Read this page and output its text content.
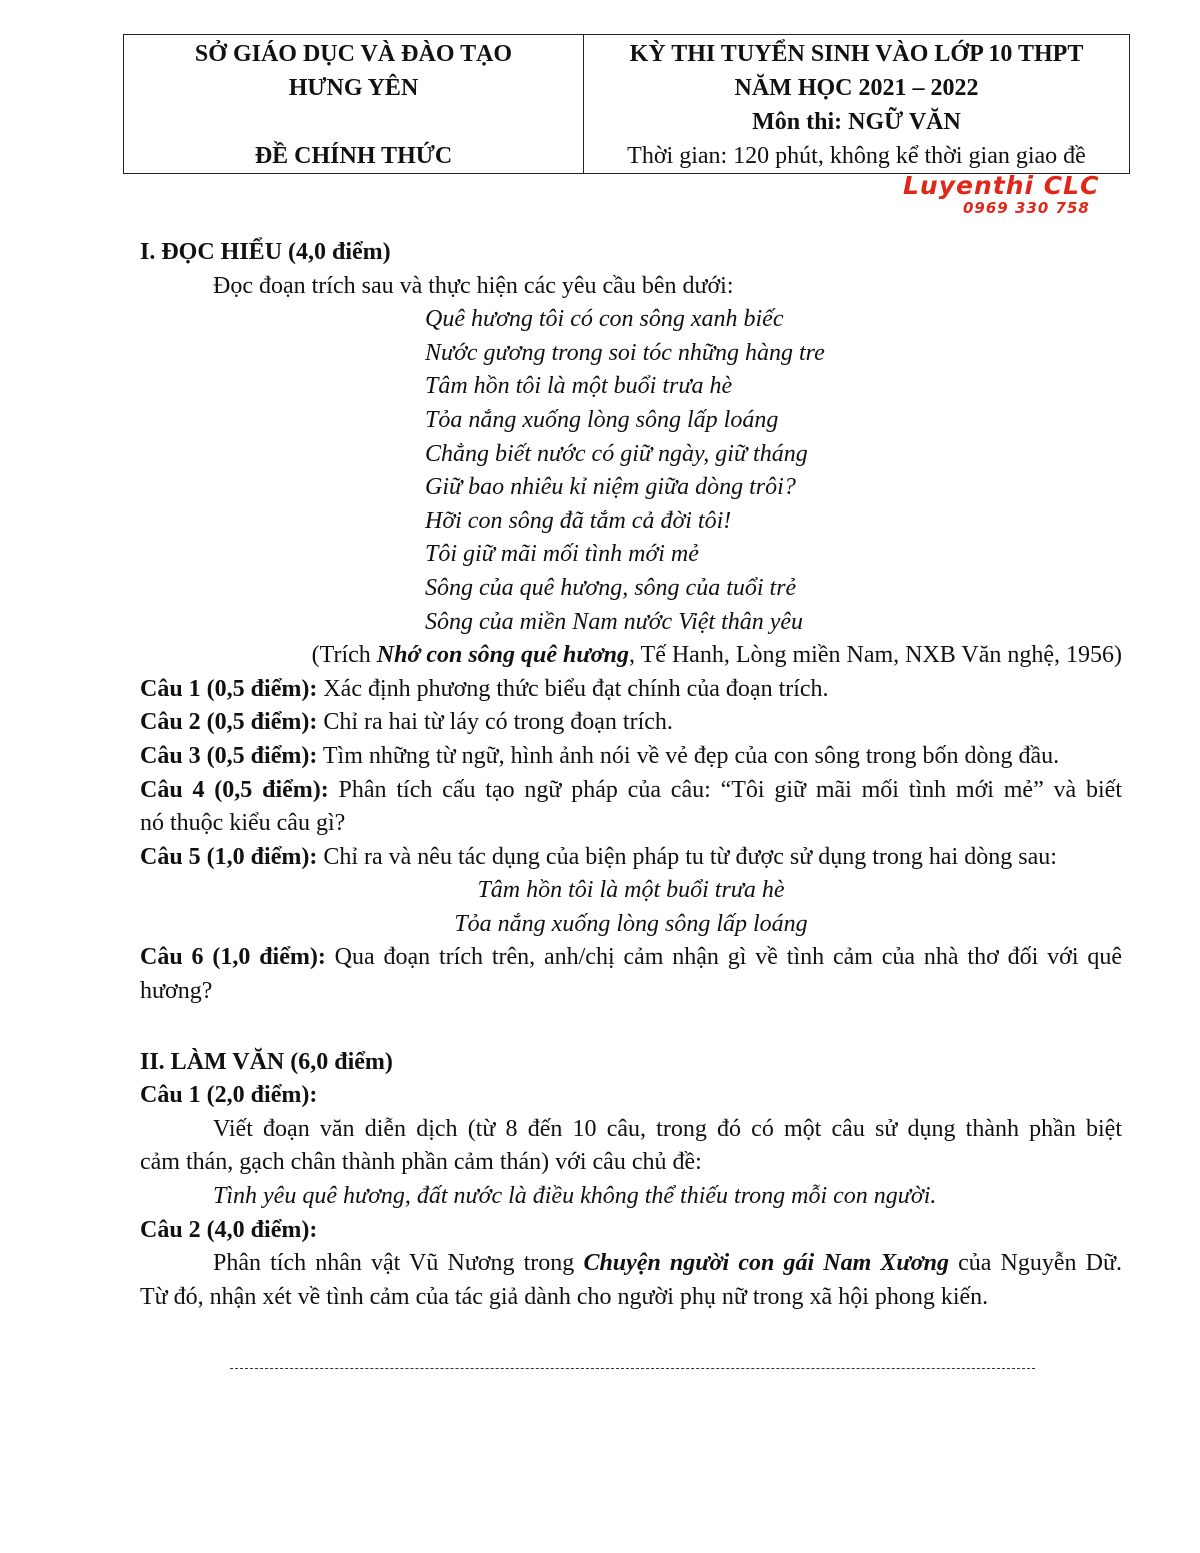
SỞ GIÁO DỤC VÀ ĐÀO TẠO
HƯNG YÊN
ĐỀ CHÍNH THỨC

KỲ THI TUYỂN SINH VÀO LỚP 10 THPT
NĂM HỌC 2021 – 2022
Môn thi: NGỮ VĂN
Thời gian: 120 phút, không kể thời gian giao đề
Luyenthi CLC
0969 330 758
I. ĐỌC HIỂU (4,0 điểm)
Đọc đoạn trích sau và thực hiện các yêu cầu bên dưới:
Quê hương tôi có con sông xanh biếc
Nước gương trong soi tóc những hàng tre
Tâm hồn tôi là một buổi trưa hè
Tỏa nắng xuống lòng sông lấp loáng
Chẳng biết nước có giữ ngày, giữ tháng
Giữ bao nhiêu kỉ niệm giữa dòng trôi?
Hỡi con sông đã tắm cả đời tôi!
Tôi giữ mãi mối tình mới mẻ
Sông của quê hương, sông của tuổi trẻ
Sông của miền Nam nước Việt thân yêu
(Trích Nhớ con sông quê hương, Tế Hanh, Lòng miền Nam, NXB Văn nghệ, 1956)
Câu 1 (0,5 điểm): Xác định phương thức biểu đạt chính của đoạn trích.
Câu 2 (0,5 điểm): Chỉ ra hai từ láy có trong đoạn trích.
Câu 3 (0,5 điểm): Tìm những từ ngữ, hình ảnh nói về vẻ đẹp của con sông trong bốn dòng đầu.
Câu 4 (0,5 điểm): Phân tích cấu tạo ngữ pháp của câu: “Tôi giữ mãi mối tình mới mẻ” và biết
nó thuộc kiểu câu gì?
Câu 5 (1,0 điểm): Chỉ ra và nêu tác dụng của biện pháp tu từ được sử dụng trong hai dòng sau:
Tâm hồn tôi là một buổi trưa hè
Tỏa nắng xuống lòng sông lấp loáng
Câu 6 (1,0 điểm): Qua đoạn trích trên, anh/chị cảm nhận gì về tình cảm của nhà thơ đối với quê
hương?
II. LÀM VĂN (6,0 điểm)
Câu 1 (2,0 điểm):
Viết đoạn văn diễn dịch (từ 8 đến 10 câu, trong đó có một câu sử dụng thành phần biệt
cảm thán, gạch chân thành phần cảm thán) với câu chủ đề:
Tình yêu quê hương, đất nước là điều không thể thiếu trong mỗi con người.
Câu 2 (4,0 điểm):
Phân tích nhân vật Vũ Nương trong Chuyện người con gái Nam Xương của Nguyễn Dữ.
Từ đó, nhận xét về tình cảm của tác giả dành cho người phụ nữ trong xã hội phong kiến.
